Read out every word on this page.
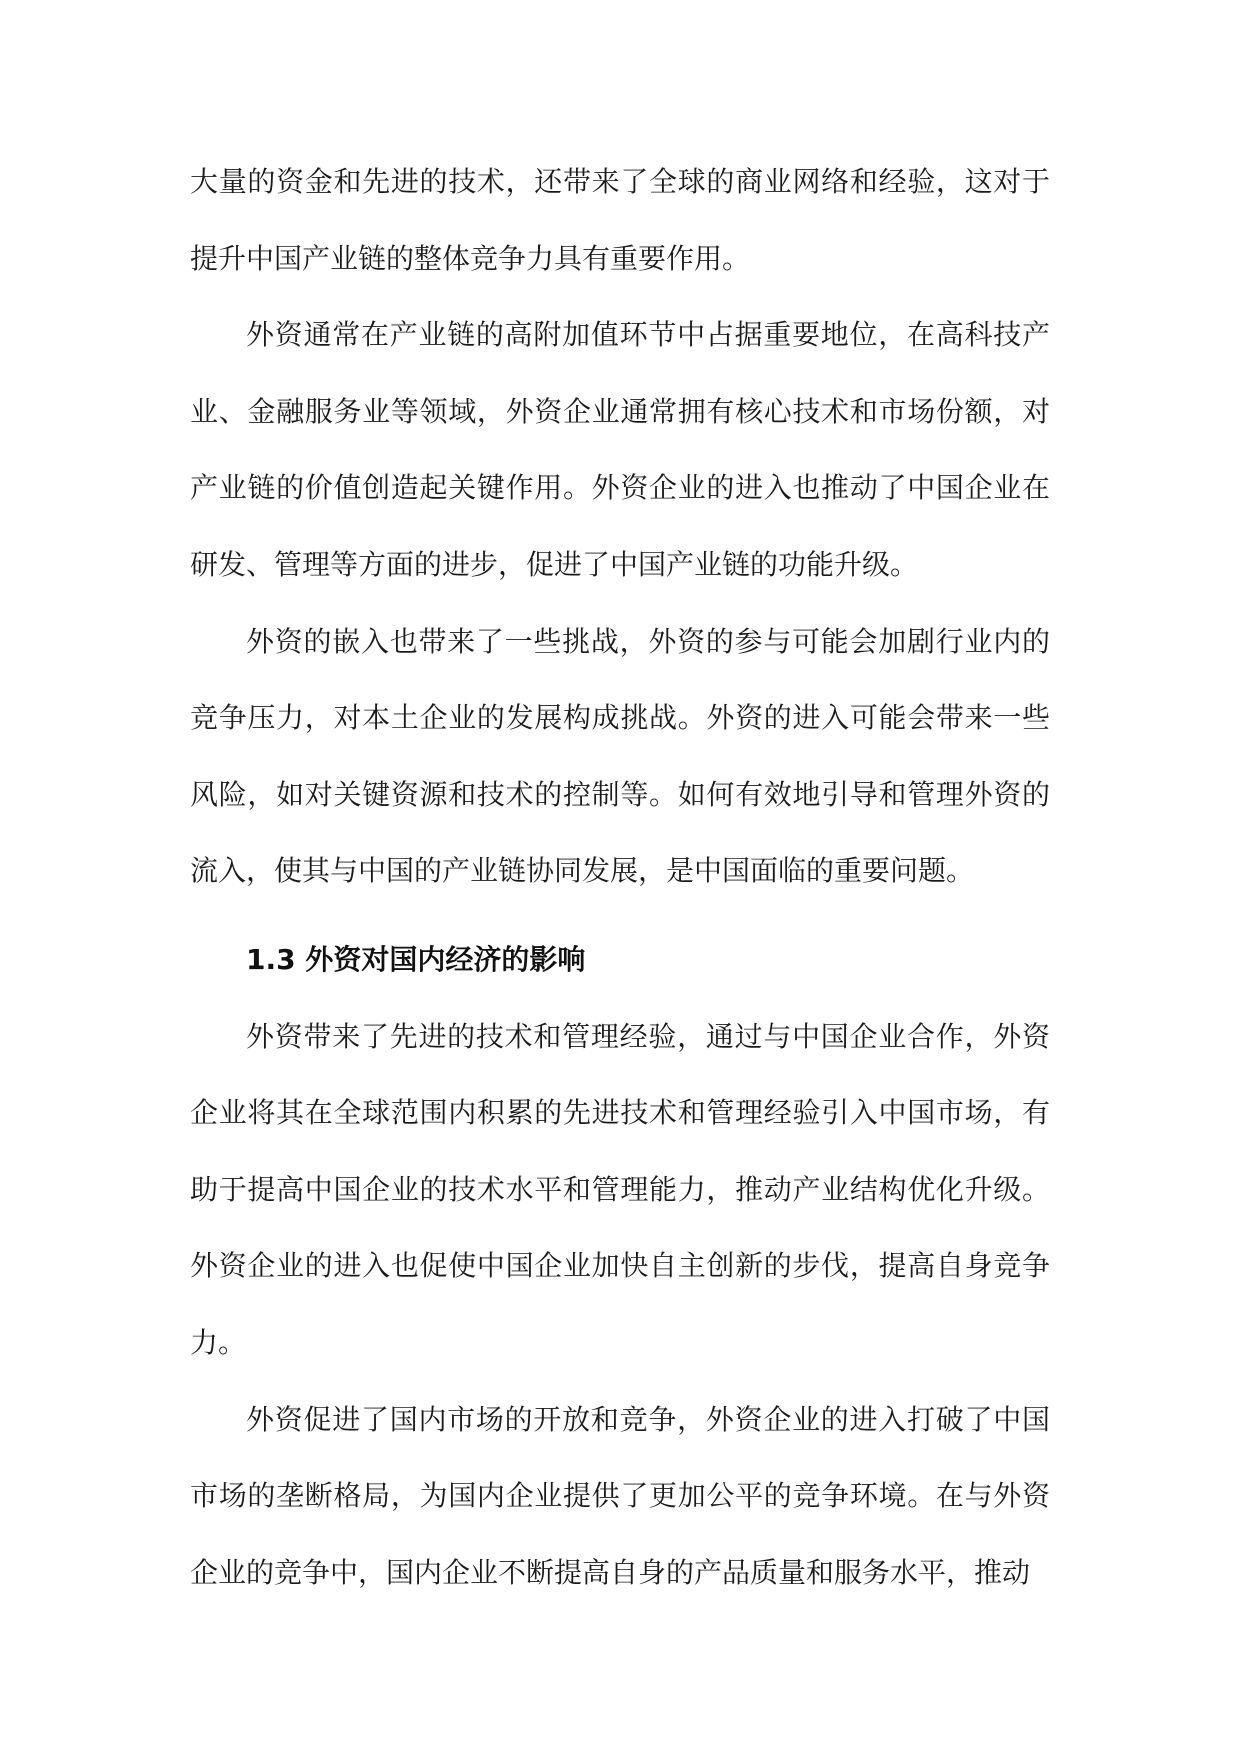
大量的资金和先进的技术，还带来了全球的商业网络和经验，这对于提升中国产业链的整体竞争力具有重要作用。

外资通常在产业链的高附加值环节中占据重要地位，在高科技产业、金融服务业等领域，外资企业通常拥有核心技术和市场份额，对产业链的价值创造起关键作用。外资企业的进入也推动了中国企业在研发、管理等方面的进步，促进了中国产业链的功能升级。

外资的嵌入也带来了一些挑战，外资的参与可能会加剧行业内的竞争压力，对本土企业的发展构成挑战。外资的进入可能会带来一些风险，如对关键资源和技术的控制等。如何有效地引导和管理外资的流入，使其与中国的产业链协同发展，是中国面临的重要问题。

1.3 外资对国内经济的影响

外资带来了先进的技术和管理经验，通过与中国企业合作，外资企业将其在全球范围内积累的先进技术和管理经验引入中国市场，有助于提高中国企业的技术水平和管理能力，推动产业结构优化升级。外资企业的进入也促使中国企业加快自主创新的步伐，提高自身竞争力。

外资促进了国内市场的开放和竞争，外资企业的进入打破了中国市场的垄断格局，为国内企业提供了更加公平的竞争环境。在与外资企业的竞争中，国内企业不断提高自身的产品质量和服务水平，推动
